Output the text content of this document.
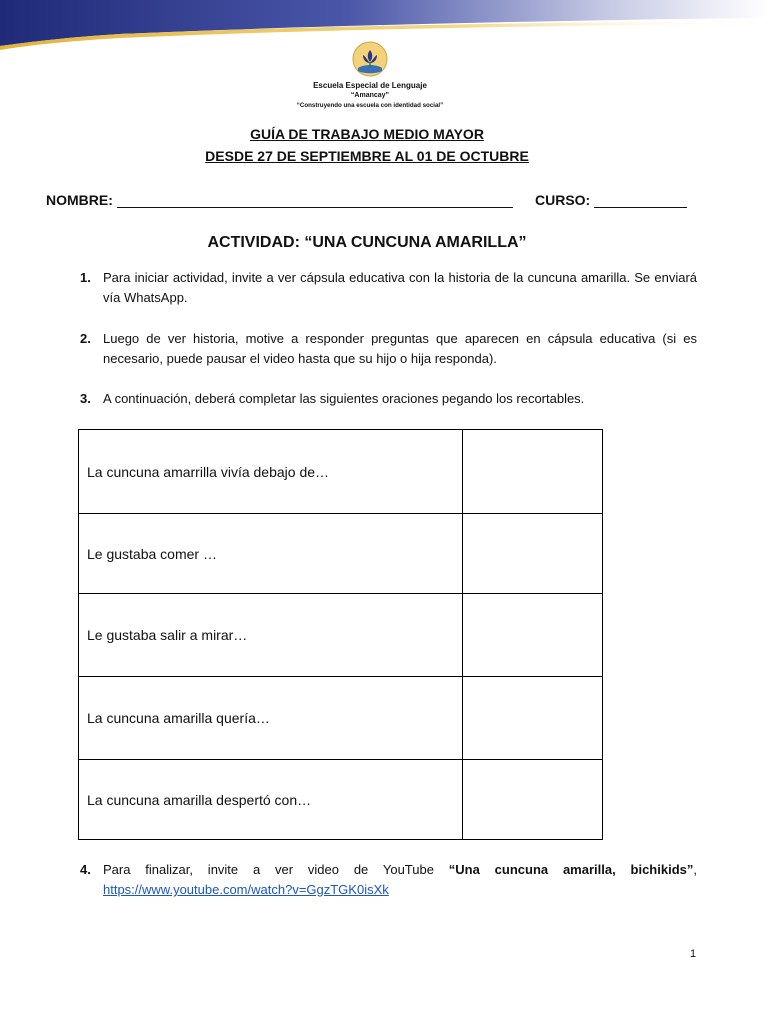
Escuela Especial de Lenguaje
“Amancay”
“Construyendo una escuela con identidad social”
GUÍA DE TRABAJO MEDIO MAYOR
DESDE 27 DE SEPTIEMBRE AL 01 DE OCTUBRE
NOMBRE:	CURSO:
ACTIVIDAD: “UNA CUNCUNA AMARILLA”
1. Para iniciar actividad, invite a ver cápsula educativa con la historia de la cuncuna amarilla. Se enviará vía WhatsApp.
2. Luego de ver historia, motive a responder preguntas que aparecen en cápsula educativa (si es necesario, puede pausar el video hasta que su hijo o hija responda).
3. A continuación, deberá completar las siguientes oraciones pegando los recortables.
La cuncuna amarrilla vivía debajo de…	
Le gustaba comer …	
Le gustaba salir a mirar…	
La cuncuna amarilla quería…	
La cuncuna amarilla despertó con…	
4. Para finalizar, invite a ver video de YouTube “Una cuncuna amarilla, bichikids”,
https://www.youtube.com/watch?v=GgzTGK0isXk
1
